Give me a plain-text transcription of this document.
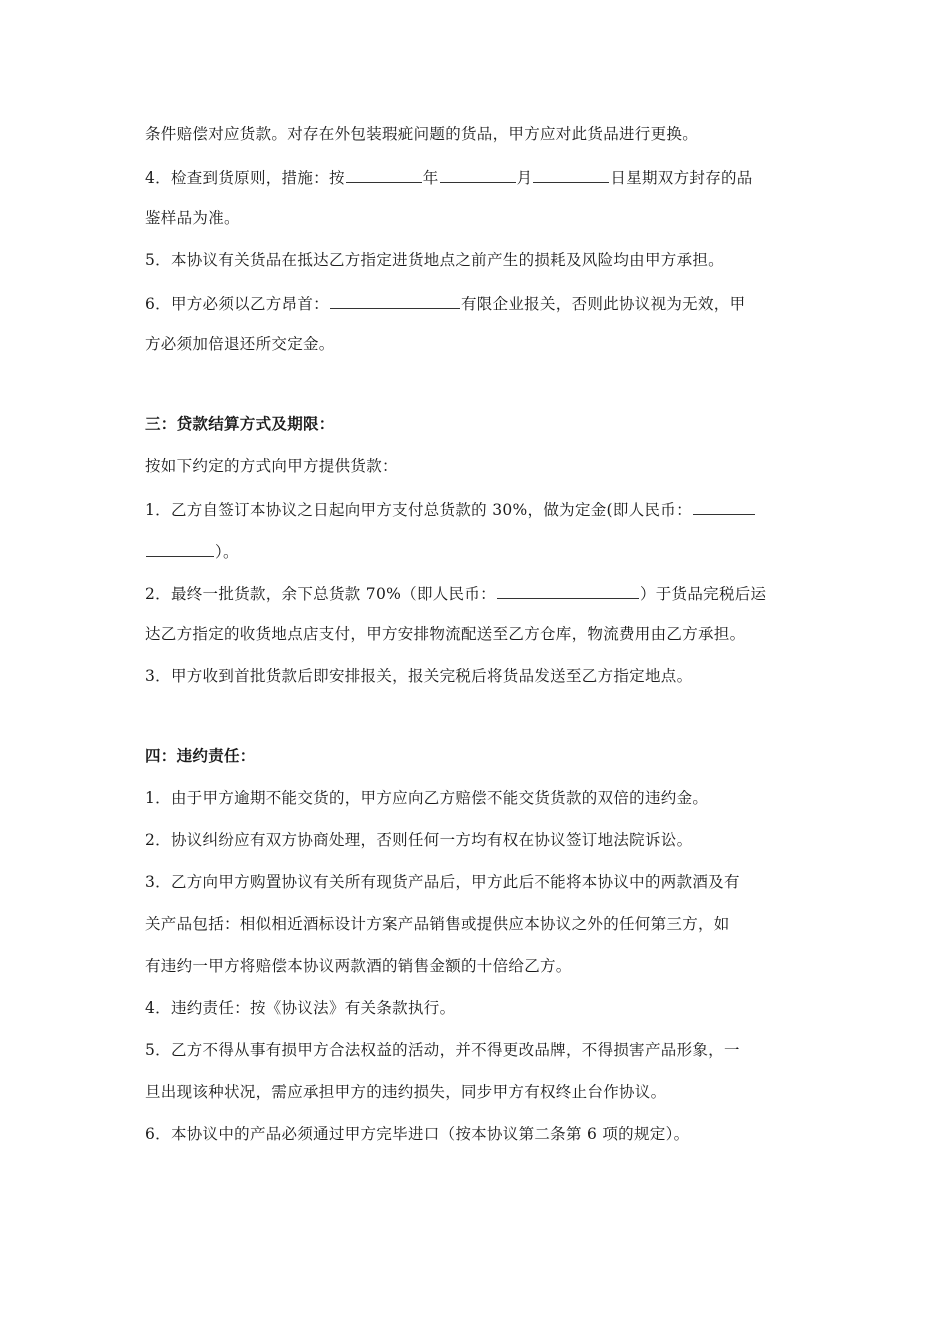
条件赔偿对应货款。对存在外包装瑕疵问题的货品，甲方应对此货品进行更换。
4．检查到货原则，措施：按	年	月	日星期双方封存的品
鉴样品为准。
5．本协议有关货品在抵达乙方指定进货地点之前产生的损耗及风险均由甲方承担。
6．甲方必须以乙方昂首：	有限企业报关，否则此协议视为无效，甲
方必须加倍退还所交定金。
三：贷款结算方式及期限：
按如下约定的方式向甲方提供货款：
1．乙方自签订本协议之日起向甲方支付总货款的 30%，做为定金(即人民币：
）。
2．最终一批货款，余下总货款 70%（即人民币：	）于货品完税后运
达乙方指定的收货地点店支付，甲方安排物流配送至乙方仓库，物流费用由乙方承担。
3．甲方收到首批货款后即安排报关，报关完税后将货品发送至乙方指定地点。
四：违约责任：
1．由于甲方逾期不能交货的，甲方应向乙方赔偿不能交货货款的双倍的违约金。
2．协议纠纷应有双方协商处理，否则任何一方均有权在协议签订地法院诉讼。
3．乙方向甲方购置协议有关所有现货产品后，甲方此后不能将本协议中的两款酒及有
关产品包括：相似相近酒标设计方案产品销售或提供应本协议之外的任何第三方，如
有违约一甲方将赔偿本协议两款酒的销售金额的十倍给乙方。
4．违约责任：按《协议法》有关条款执行。
5．乙方不得从事有损甲方合法权益的活动，并不得更改品牌，不得损害产品形象，一
旦出现该种状况，需应承担甲方的违约损失，同步甲方有权终止台作协议。
6．本协议中的产品必须通过甲方完毕进口（按本协议第二条第 6 项的规定）。
